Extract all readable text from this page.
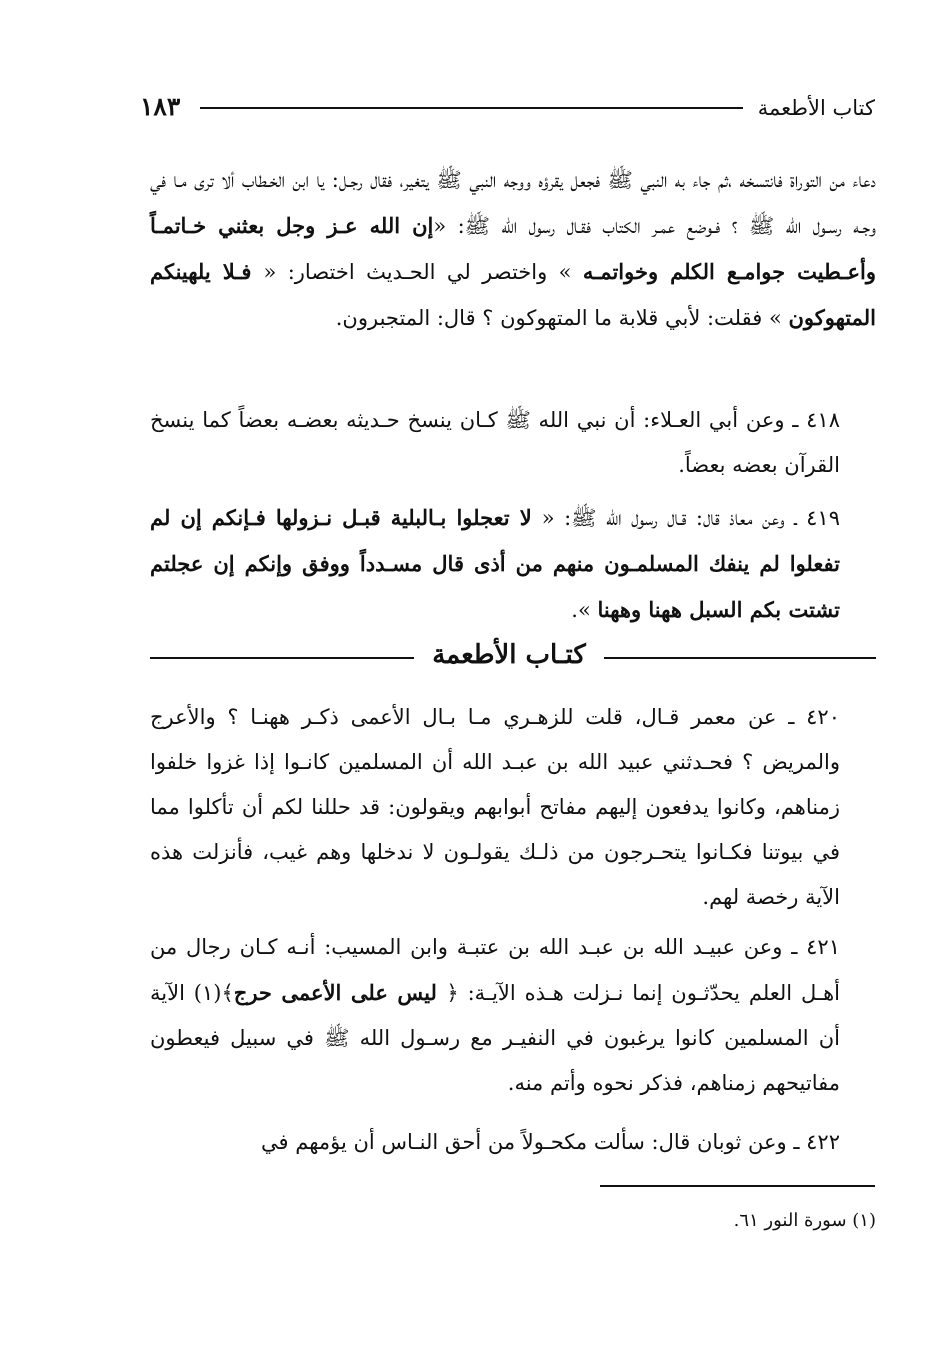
كتاب الأطعمة
١٨٣

دعاء من التوراة فانتسخه ،ثم جاء به النبي ﷺ فجعل يقرؤه ووجه النبي ﷺ يتغير، فقال رجـل: يا ابن الخـطاب ألا ترى مـا في وجـه رسـول الله ﷺ ؟ فـوضع عمـر الكتاب فقـال رسول الله ﷺ: «إن الله عـز وجل بعثني خـاتمـاً وأعـطيت جوامـع الكلم وخواتمـه » واختصر لي الحـديث اختصار: « فـلا يلهينكم المتهوكون » فقلت: لأبي قلابة ما المتهوكون ؟ قال: المتجبرون.

٤١٨ ـ وعن أبي العـلاء: أن نبي الله ﷺ كـان ينسخ حـديثه بعضـه بعضاً كما ينسخ القرآن بعضه بعضاً.

٤١٩ ـ وعن معاذ قال: قـال رسول الله ﷺ: « لا تعجلوا بـالبلية قبـل نـزولها فـإنكم إن لم تفعلوا لم ينفك المسلمـون منهم من أذى قال مسـدداً ووفق وإنكم إن عجلتم تشتت بكم السبل ههنا وههنا ».

كتـاب الأطعمة

٤٢٠ ـ عن معمر قـال، قلت للزهـري مـا بـال الأعمى ذكـر ههنـا ؟ والأعرج والمريض ؟ فحـدثني عبيد الله بن عبـد الله أن المسلمين كانـوا إذا غزوا خلفوا زمناهم، وكانوا يدفعون إليهم مفاتح أبوابهم ويقولون: قد حللنا لكم أن تأكلوا مما في بيوتنا فكـانوا يتحـرجون من ذلـك يقولـون لا ندخلها وهم غيب، فأنزلت هذه الآية رخصة لهم.

٤٢١ ـ وعن عبيـد الله بن عبـد الله بن عتبـة وابن المسيب: أنـه كـان رجال من أهـل العلم يحدّثـون إنما نـزلت هـذه الآيـة: ﴿ ليس على الأعمى حرج﴾(١) الآية أن المسلمين كانوا يرغبون في النفيـر مع رسـول الله ﷺ في سبيل فيعطون مفاتيحهم زمناهم، فذكر نحوه وأتم منه.

٤٢٢ ـ وعن ثوبان قال: سألت مكحـولاً من أحق النـاس أن يؤمهم في

(١) سورة النور ٦١.
